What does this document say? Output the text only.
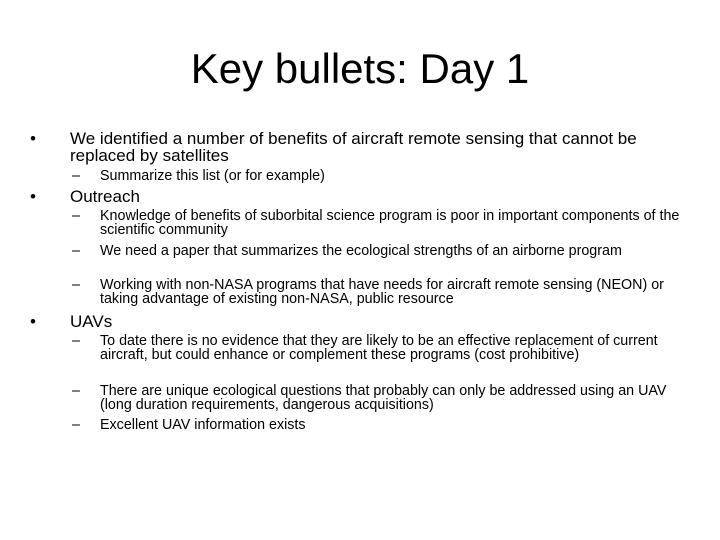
Key bullets: Day 1
•	We identified a number of benefits of aircraft remote sensing that cannot be replaced by satellites
–	Summarize this list (or for example)
•	Outreach
–	Knowledge of benefits of suborbital science program is poor in important components of the scientific community
–	We need a paper that summarizes the ecological strengths of an airborne program
–	Working with non-NASA programs that have needs for aircraft remote sensing (NEON) or taking advantage of existing non-NASA, public resource
•	UAVs
–	To date there is no evidence that they are likely to be an effective replacement of current aircraft, but could enhance or complement these programs (cost prohibitive)
–	There are unique ecological questions that probably can only be addressed using an UAV (long duration requirements, dangerous acquisitions)
–	Excellent UAV information exists
